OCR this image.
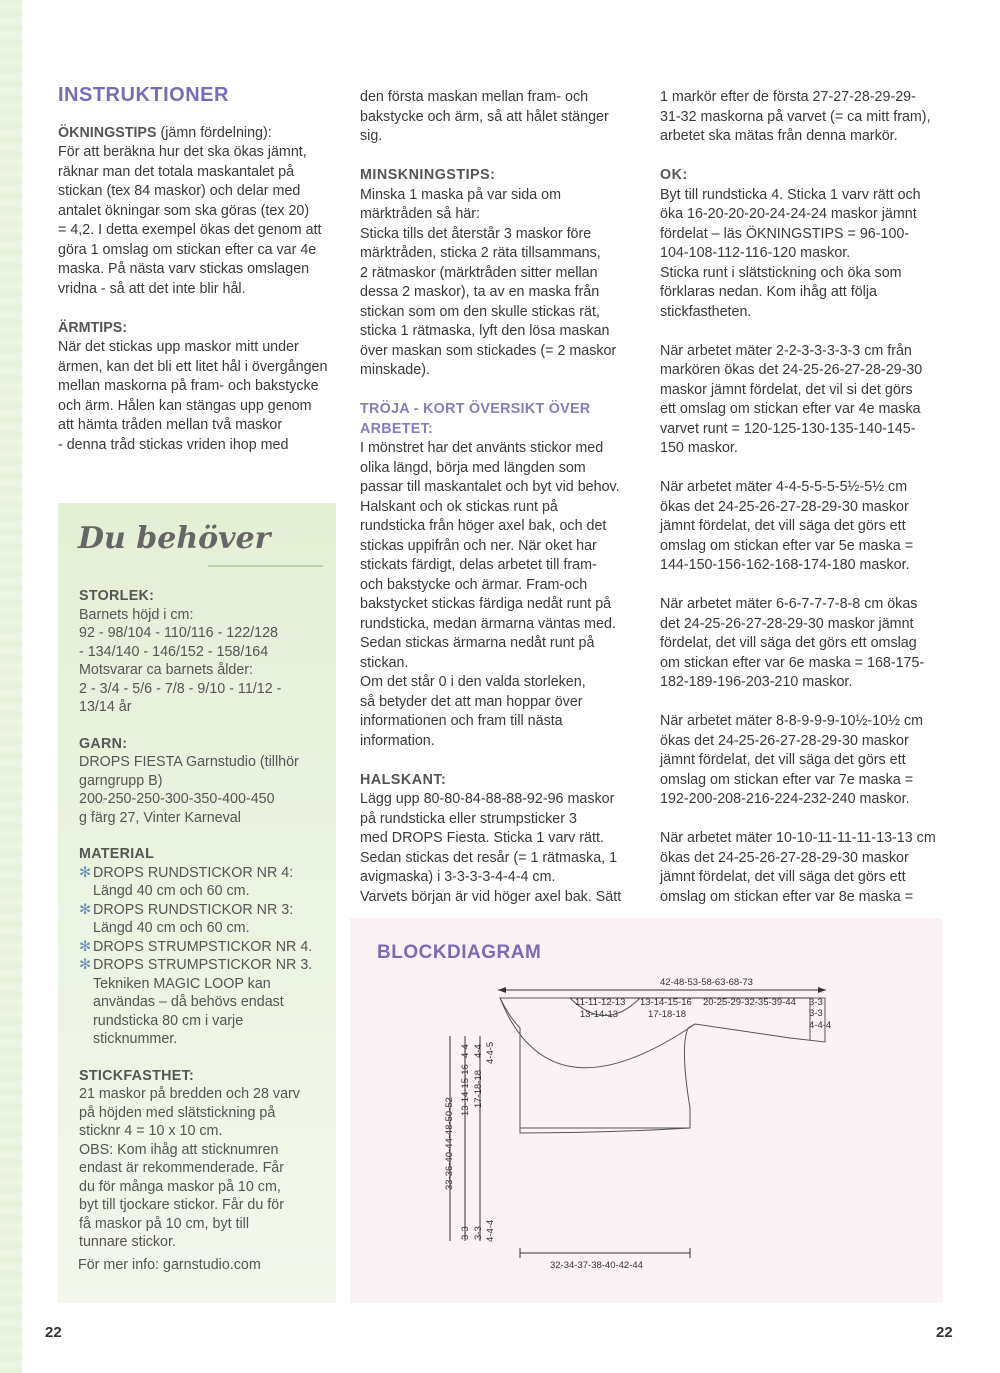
INSTRUKTIONER

ÖKNINGSTIPS (jämn fördelning):
För att beräkna hur det ska ökas jämnt,
räknar man det totala maskantalet på
stickan (tex 84 maskor) och delar med
antalet ökningar som ska göras (tex 20)
= 4,2. I detta exempel ökas det genom att
göra 1 omslag om stickan efter ca var 4e
maska. På nästa varv stickas omslagen
vridna - så att det inte blir hål.

ÄRMTIPS:
När det stickas upp maskor mitt under
ärmen, kan det bli ett litet hål i övergången
mellan maskorna på fram- och bakstycke
och ärm. Hålen kan stängas upp genom
att hämta tråden mellan två maskor
- denna tråd stickas vriden ihop med

Du behöver
STORLEK:
Barnets höjd i cm:
92 - 98/104 - 110/116 - 122/128
- 134/140 - 146/152 - 158/164
Motsvarar ca barnets ålder:
2 - 3/4 - 5/6 - 7/8 - 9/10 - 11/12 -
13/14 år
GARN:
DROPS FIESTA Garnstudio (tillhör
garngrupp B)
200-250-250-300-350-400-450
g färg 27, Vinter Karneval
MATERIAL
✻ DROPS RUNDSTICKOR NR 4:
Längd 40 cm och 60 cm.
✻ DROPS RUNDSTICKOR NR 3:
Längd 40 cm och 60 cm.
✻ DROPS STRUMPSTICKOR NR 4.
✻ DROPS STRUMPSTICKOR NR 3.
Tekniken MAGIC LOOP kan
användas – då behövs endast
rundsticka 80 cm i varje
sticknummer.
STICKFASTHET:
21 maskor på bredden och 28 varv
på höjden med slätstickning på
sticknr 4 = 10 x 10 cm.
OBS: Kom ihåg att sticknumren
endast är rekommenderade. Får
du för många maskor på 10 cm,
byt till tjockare stickor. Får du för
få maskor på 10 cm, byt till
tunnare stickor.
För mer info: garnstudio.com

den första maskan mellan fram- och
bakstycke och ärm, så att hålet stänger
sig.

MINSKNINGSTIPS:
Minska 1 maska på var sida om
märktråden så här:
Sticka tills det återstår 3 maskor före
märktråden, sticka 2 räta tillsammans,
2 rätmaskor (märktråden sitter mellan
dessa 2 maskor), ta av en maska från
stickan som om den skulle stickas rät,
sticka 1 rätmaska, lyft den lösa maskan
över maskan som stickades (= 2 maskor
minskade).

TRÖJA - KORT ÖVERSIKT ÖVER
ARBETET:
I mönstret har det använts stickor med
olika längd, börja med längden som
passar till maskantalet och byt vid behov.
Halskant och ok stickas runt på
rundsticka från höger axel bak, och det
stickas uppifrån och ner. När oket har
stickats färdigt, delas arbetet till fram-
och bakstycke och ärmar. Fram-och
bakstycket stickas färdiga nedåt runt på
rundsticka, medan ärmarna väntas med.
Sedan stickas ärmarna nedåt runt på
stickan.
Om det står 0 i den valda storleken,
så betyder det att man hoppar över
informationen och fram till nästa
information.

HALSKANT:
Lägg upp 80-80-84-88-88-92-96 maskor
på rundsticka eller strumpsticker 3
med DROPS Fiesta. Sticka 1 varv rätt.
Sedan stickas det resår (= 1 rätmaska, 1
avigmaska) i 3-3-3-3-4-4-4 cm.
Varvets början är vid höger axel bak. Sätt

1 markör efter de första 27-27-28-29-29-
31-32 maskorna på varvet (= ca mitt fram),
arbetet ska mätas från denna markör.

OK:
Byt till rundsticka 4. Sticka 1 varv rätt och
öka 16-20-20-20-24-24-24 maskor jämnt
fördelat – läs ÖKNINGSTIPS = 96-100-
104-108-112-116-120 maskor.
Sticka runt i slätstickning och öka som
förklaras nedan. Kom ihåg att följa
stickfastheten.

När arbetet mäter 2-2-3-3-3-3-3 cm från
markören ökas det 24-25-26-27-28-29-30
maskor jämnt fördelat, det vil si det görs
ett omslag om stickan efter var 4e maska
varvet runt = 120-125-130-135-140-145-
150 maskor.

När arbetet mäter 4-4-5-5-5-5½-5½ cm
ökas det 24-25-26-27-28-29-30 maskor
jämnt fördelat, det vill säga det görs ett
omslag om stickan efter var 5e maska =
144-150-156-162-168-174-180 maskor.

När arbetet mäter 6-6-7-7-7-8-8 cm ökas
det 24-25-26-27-28-29-30 maskor jämnt
fördelat, det vill säga det görs ett omslag
om stickan efter var 6e maska = 168-175-
182-189-196-203-210 maskor.

När arbetet mäter 8-8-9-9-9-10½-10½ cm
ökas det 24-25-26-27-28-29-30 maskor
jämnt fördelat, det vill säga det görs ett
omslag om stickan efter var 7e maska =
192-200-208-216-224-232-240 maskor.

När arbetet mäter 10-10-11-11-11-13-13 cm
ökas det 24-25-26-27-28-29-30 maskor
jämnt fördelat, det vill säga det görs ett
omslag om stickan efter var 8e maska =

BLOCKDIAGRAM
42-48-53-58-63-68-73
11-11-12-13
13-14-13
13-14-15-16
17-18-18
20-25-29-32-35-39-44 3-3
3-3
4-4-4
33-36-40-44-48-50-52
13-14-15-16 17-18-18
4-4 4-4 4-4-5
3-3 3-3 4-4-4
32-34-37-38-40-42-44
22	22
